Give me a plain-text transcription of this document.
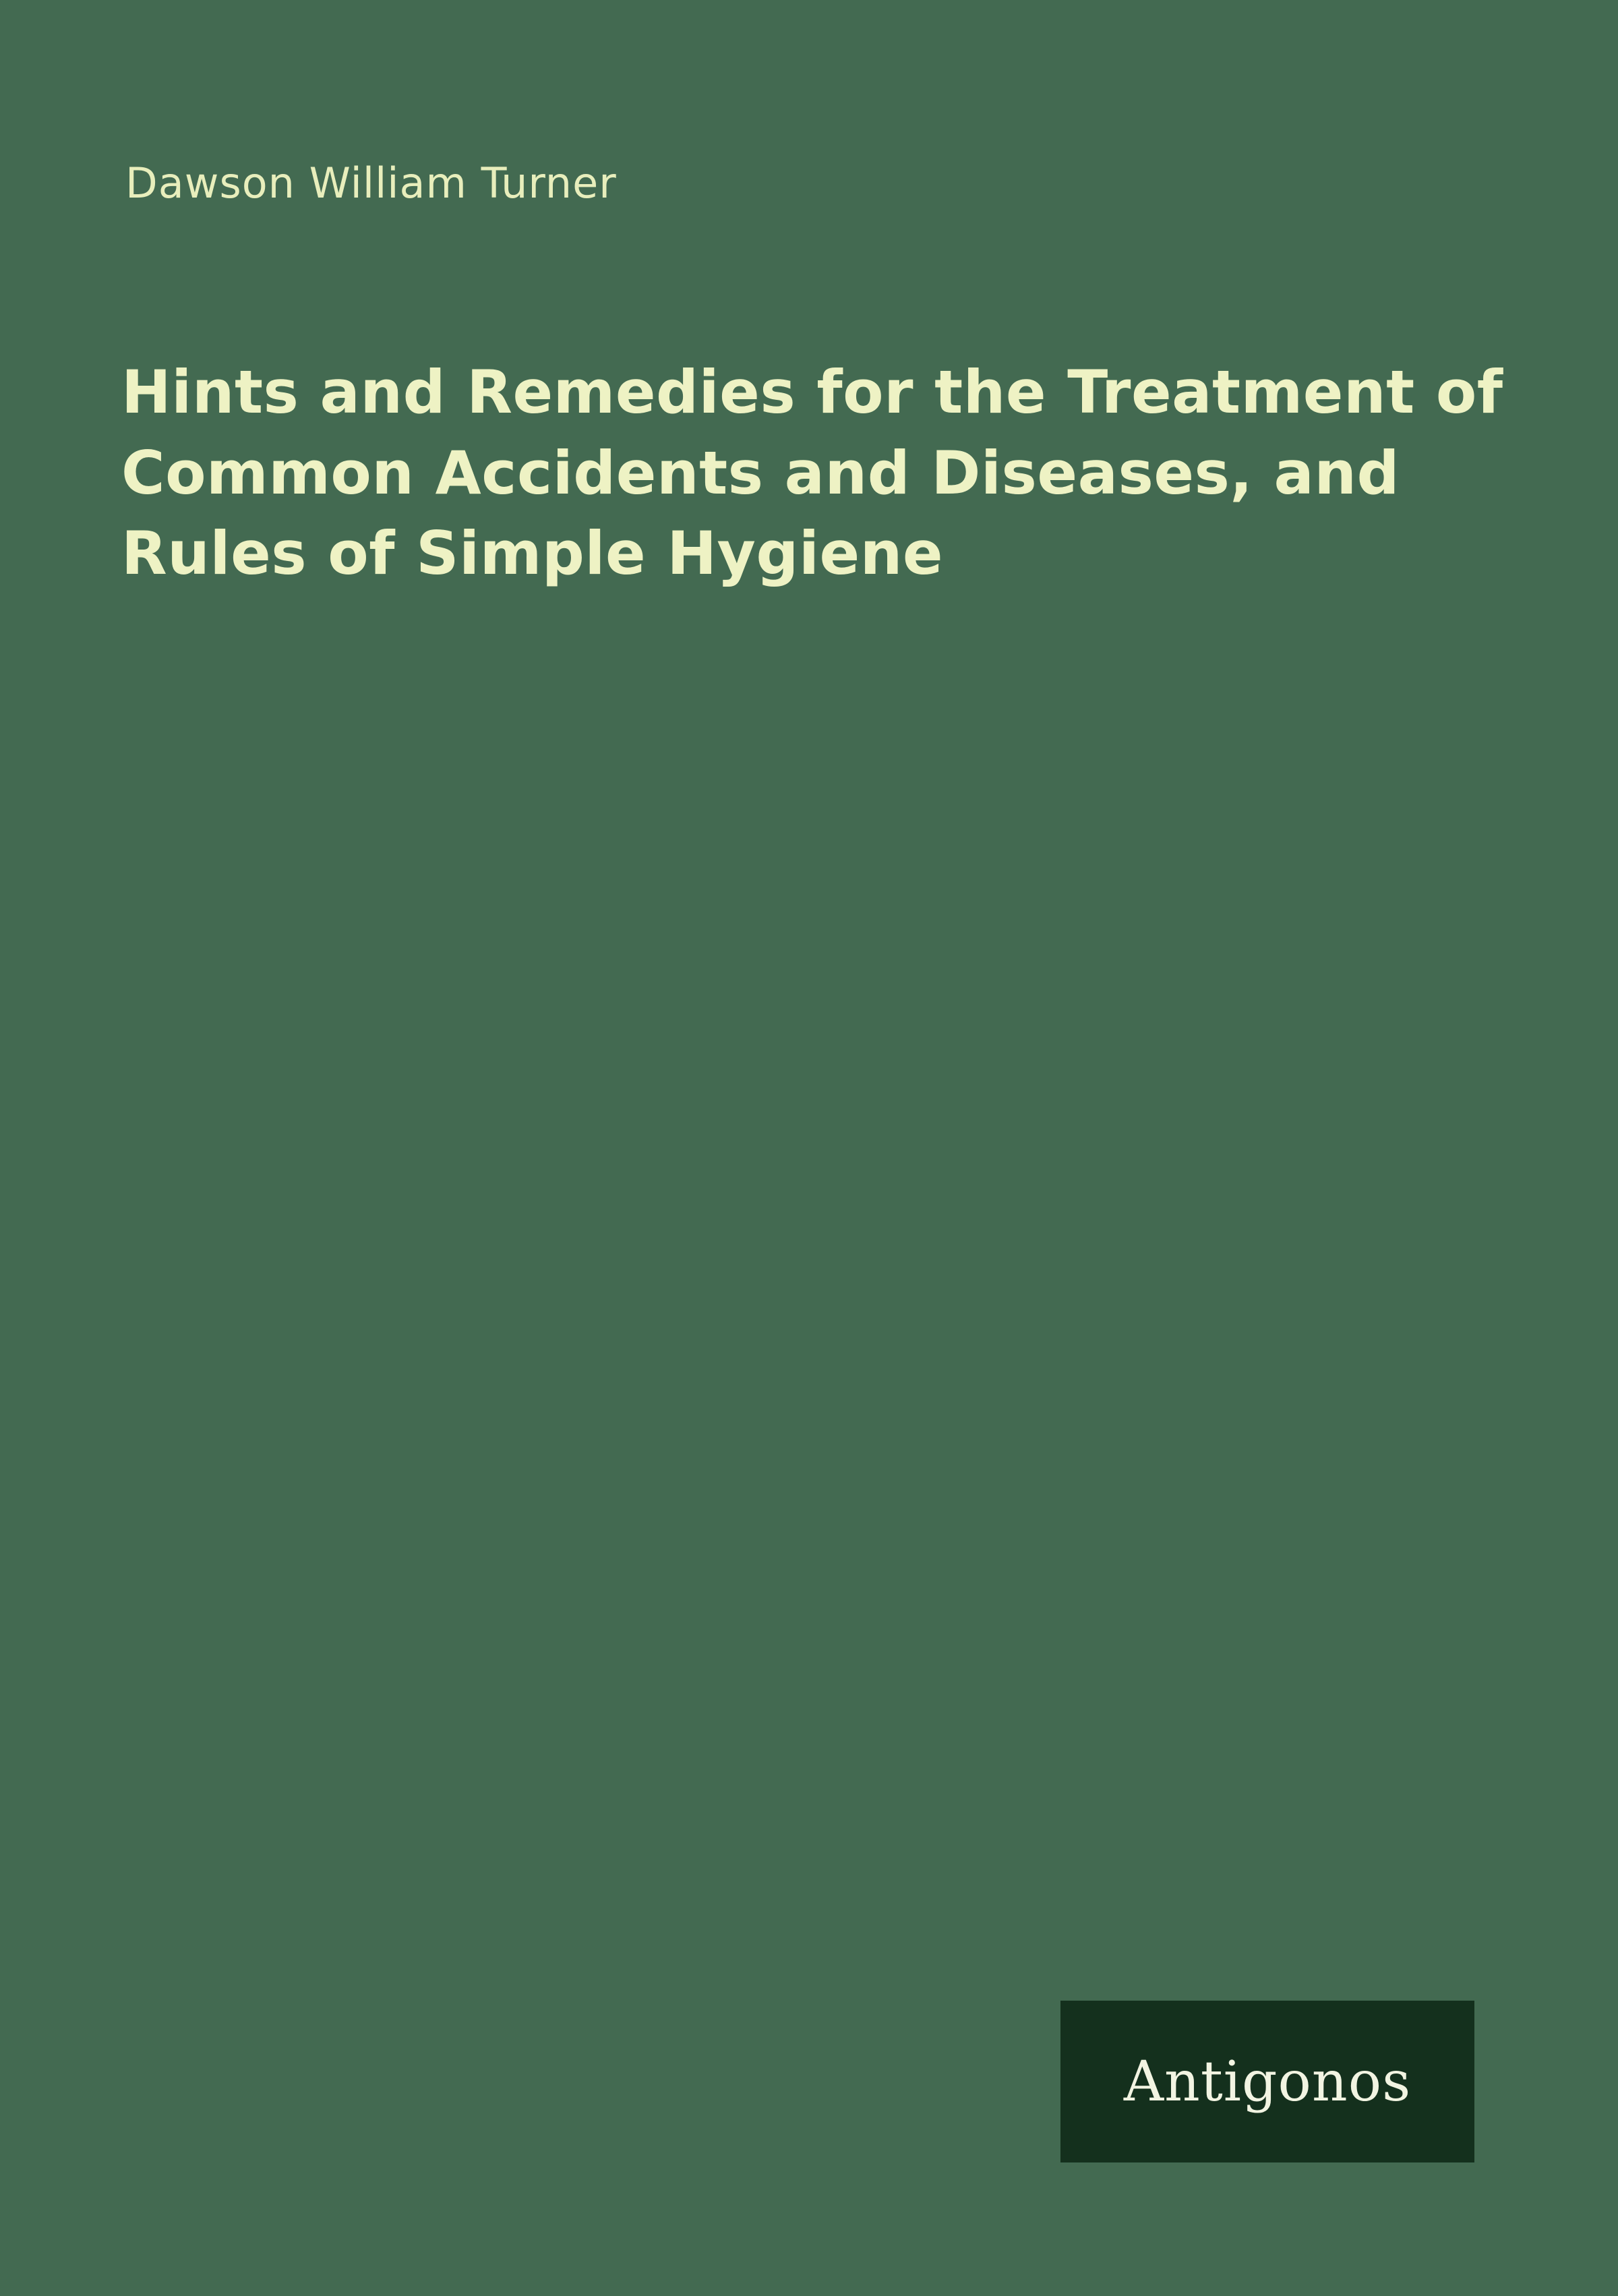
Dawson William Turner
Hints and Remedies for the Treatment of Common Accidents and Diseases, and Rules of Simple Hygiene
Antigonos
